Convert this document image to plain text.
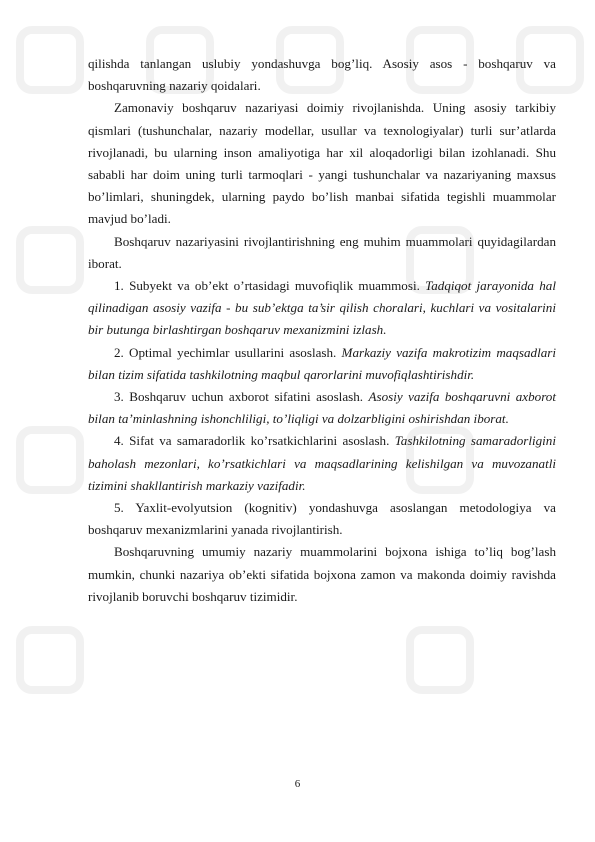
qilishda tanlangan uslubiy yondashuvga bog’liq. Asosiy asos - boshqaruv va boshqaruvning nazariy qoidalari.

Zamonaviy boshqaruv nazariyasi doimiy rivojlanishda. Uning asosiy tarkibiy qismlari (tushunchalar, nazariy modellar, usullar va texnologiyalar) turli sur’atlarda rivojlanadi, bu ularning inson amaliyotiga har xil aloqadorligi bilan izohlanadi. Shu sababli har doim uning turli tarmoqlari - yangi tushunchalar va nazariyaning maxsus bo’limlari, shuningdek, ularning paydo bo’lish manbai sifatida tegishli muammolar mavjud bo’ladi.

Boshqaruv nazariyasini rivojlantirishning eng muhim muammolari quyidagilardan iborat.

1. Subyekt va ob’ekt o’rtasidagi muvofiqlik muammosi. Tadqiqot jarayonida hal qilinadigan asosiy vazifa - bu sub’ektga ta’sir qilish choralari, kuchlari va vositalarini bir butunga birlashtirgan boshqaruv mexanizmini izlash.

2. Optimal yechimlar usullarini asoslash. Markaziy vazifa makrotizim maqsadlari bilan tizim sifatida tashkilotning maqbul qarorlarini muvofiqlashtirishdir.

3. Boshqaruv uchun axborot sifatini asoslash. Asosiy vazifa boshqaruvni axborot bilan ta’minlashning ishonchliligi, to’liqligi va dolzarbligini oshirishdan iborat.

4. Sifat va samaradorlik ko’rsatkichlarini asoslash. Tashkilotning samaradorligini baholash mezonlari, ko’rsatkichlari va maqsadlarining kelishilgan va muvozanatli tizimini shakllantirish markaziy vazifadir.

5. Yaxlit-evolyutsion (kognitiv) yondashuvga asoslangan metodologiya va boshqaruv mexanizmlarini yanada rivojlantirish.

Boshqaruvning umumiy nazariy muammolarini bojxona ishiga to’liq bog’lash mumkin, chunki nazariya ob’ekti sifatida bojxona zamon va makonda doimiy ravishda rivojlanib boruvchi boshqaruv tizimidir.

6
